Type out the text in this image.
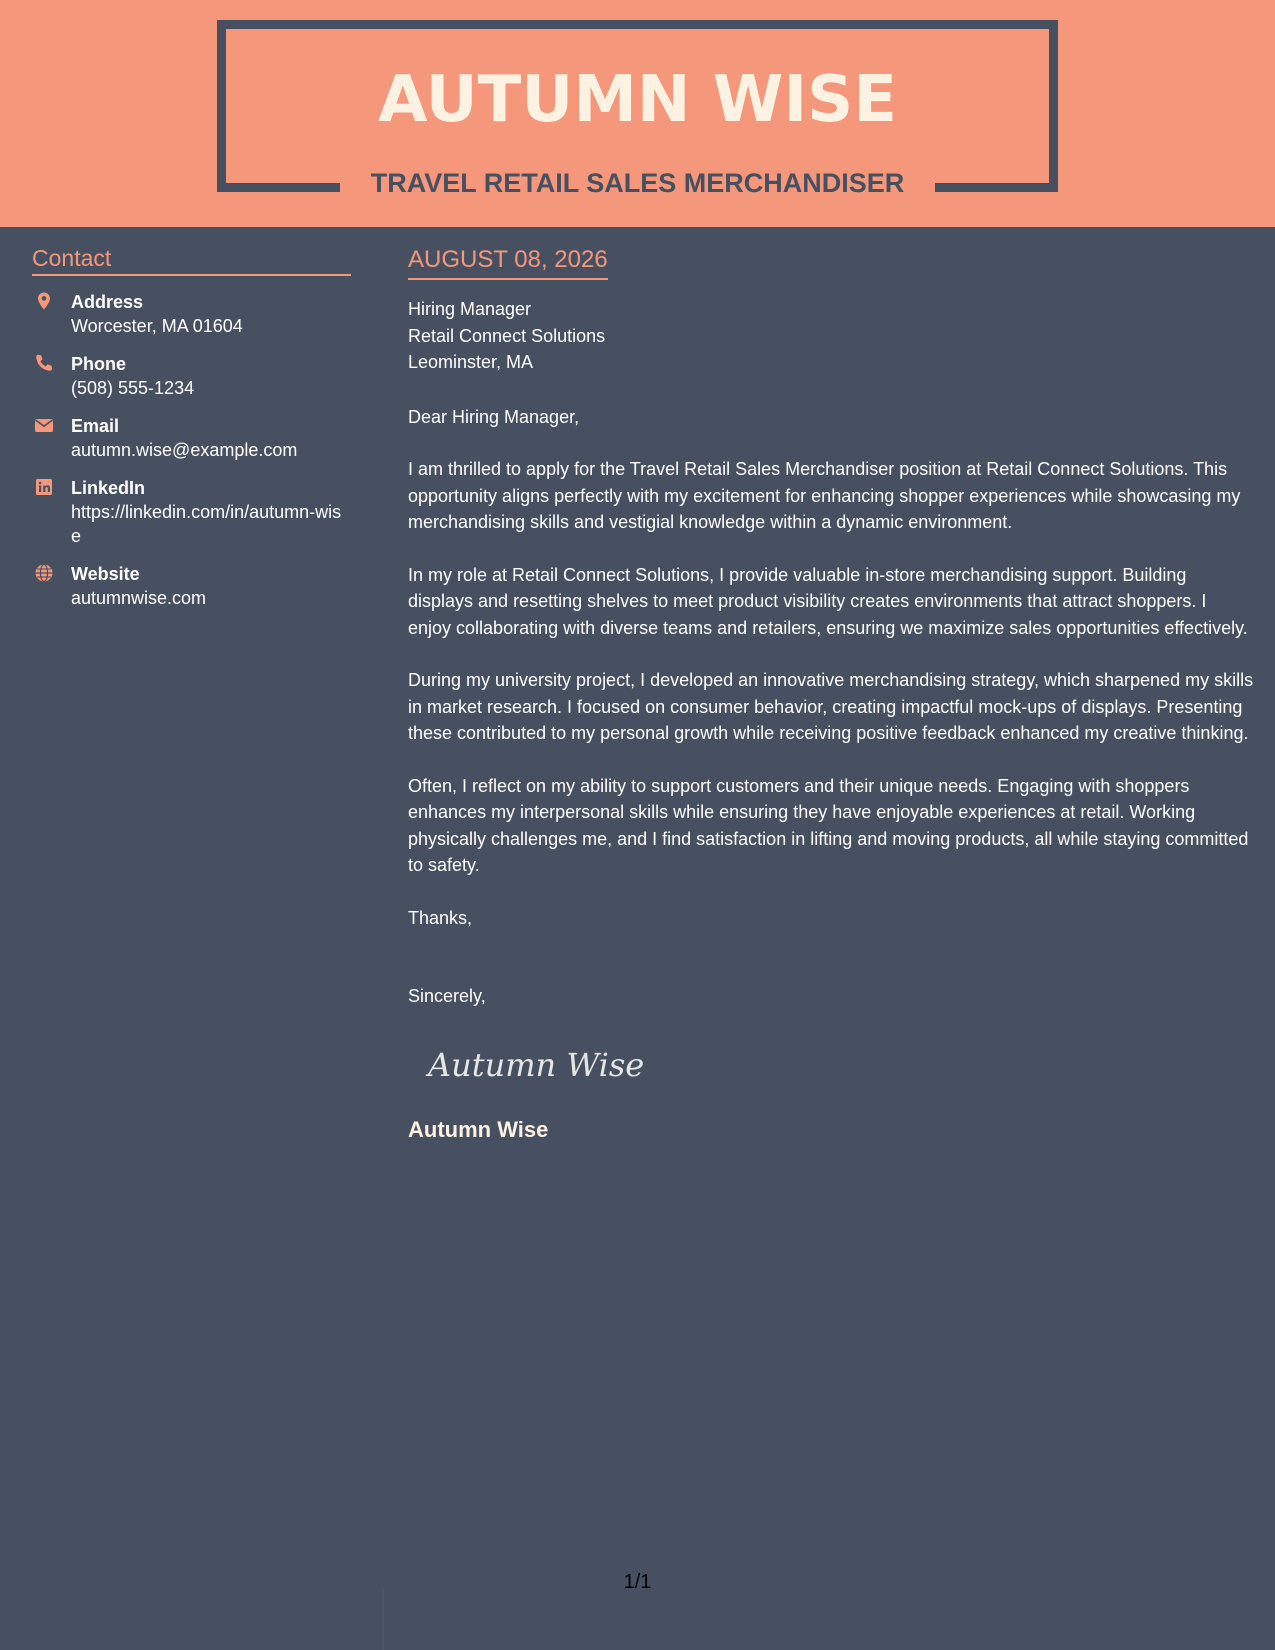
AUTUMN WISE
TRAVEL RETAIL SALES MERCHANDISER
Contact
Address
Worcester, MA 01604
Phone
(508) 555-1234
Email
autumn.wise@example.com
LinkedIn
https://linkedin.com/in/autumn-wise
Website
autumnwise.com
AUGUST 08, 2026
Hiring Manager
Retail Connect Solutions
Leominster, MA
Dear Hiring Manager,
I am thrilled to apply for the Travel Retail Sales Merchandiser position at Retail Connect Solutions. This opportunity aligns perfectly with my excitement for enhancing shopper experiences while showcasing my merchandising skills and vestigial knowledge within a dynamic environment.
In my role at Retail Connect Solutions, I provide valuable in-store merchandising support. Building displays and resetting shelves to meet product visibility creates environments that attract shoppers. I enjoy collaborating with diverse teams and retailers, ensuring we maximize sales opportunities effectively.
During my university project, I developed an innovative merchandising strategy, which sharpened my skills in market research. I focused on consumer behavior, creating impactful mock-ups of displays. Presenting these contributed to my personal growth while receiving positive feedback enhanced my creative thinking.
Often, I reflect on my ability to support customers and their unique needs. Engaging with shoppers enhances my interpersonal skills while ensuring they have enjoyable experiences at retail. Working physically challenges me, and I find satisfaction in lifting and moving products, all while staying committed to safety.
Thanks,
Sincerely,
Autumn Wise
Autumn Wise
1/1
